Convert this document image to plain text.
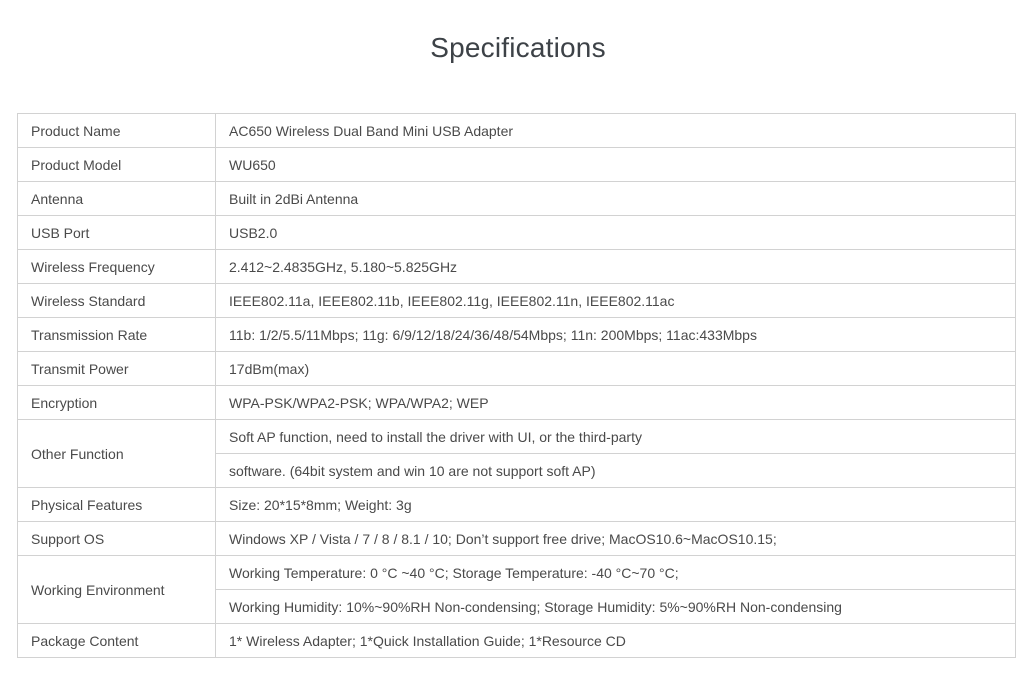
Specifications
Product Name	AC650 Wireless Dual Band Mini USB Adapter
Product Model	WU650
Antenna	Built in 2dBi Antenna
USB Port	USB2.0
Wireless Frequency	2.412~2.4835GHz, 5.180~5.825GHz
Wireless Standard	IEEE802.11a, IEEE802.11b, IEEE802.11g, IEEE802.11n, IEEE802.11ac
Transmission Rate	11b: 1/2/5.5/11Mbps; 11g: 6/9/12/18/24/36/48/54Mbps; 11n: 200Mbps; 11ac:433Mbps
Transmit Power	17dBm(max)
Encryption	WPA-PSK/WPA2-PSK; WPA/WPA2; WEP
Other Function	Soft AP function, need to install the driver with UI, or the third-party
	software. (64bit system and win 10 are not support soft AP)
Physical Features	Size: 20*15*8mm; Weight: 3g
Support OS	Windows XP / Vista / 7 / 8 / 8.1 / 10; Don’t support free drive; MacOS10.6~MacOS10.15;
Working Environment	Working Temperature: 0 °C ~40 °C; Storage Temperature: -40 °C~70 °C;
	Working Humidity: 10%~90%RH Non-condensing; Storage Humidity: 5%~90%RH Non-condensing
Package Content	1* Wireless Adapter; 1*Quick Installation Guide; 1*Resource CD
